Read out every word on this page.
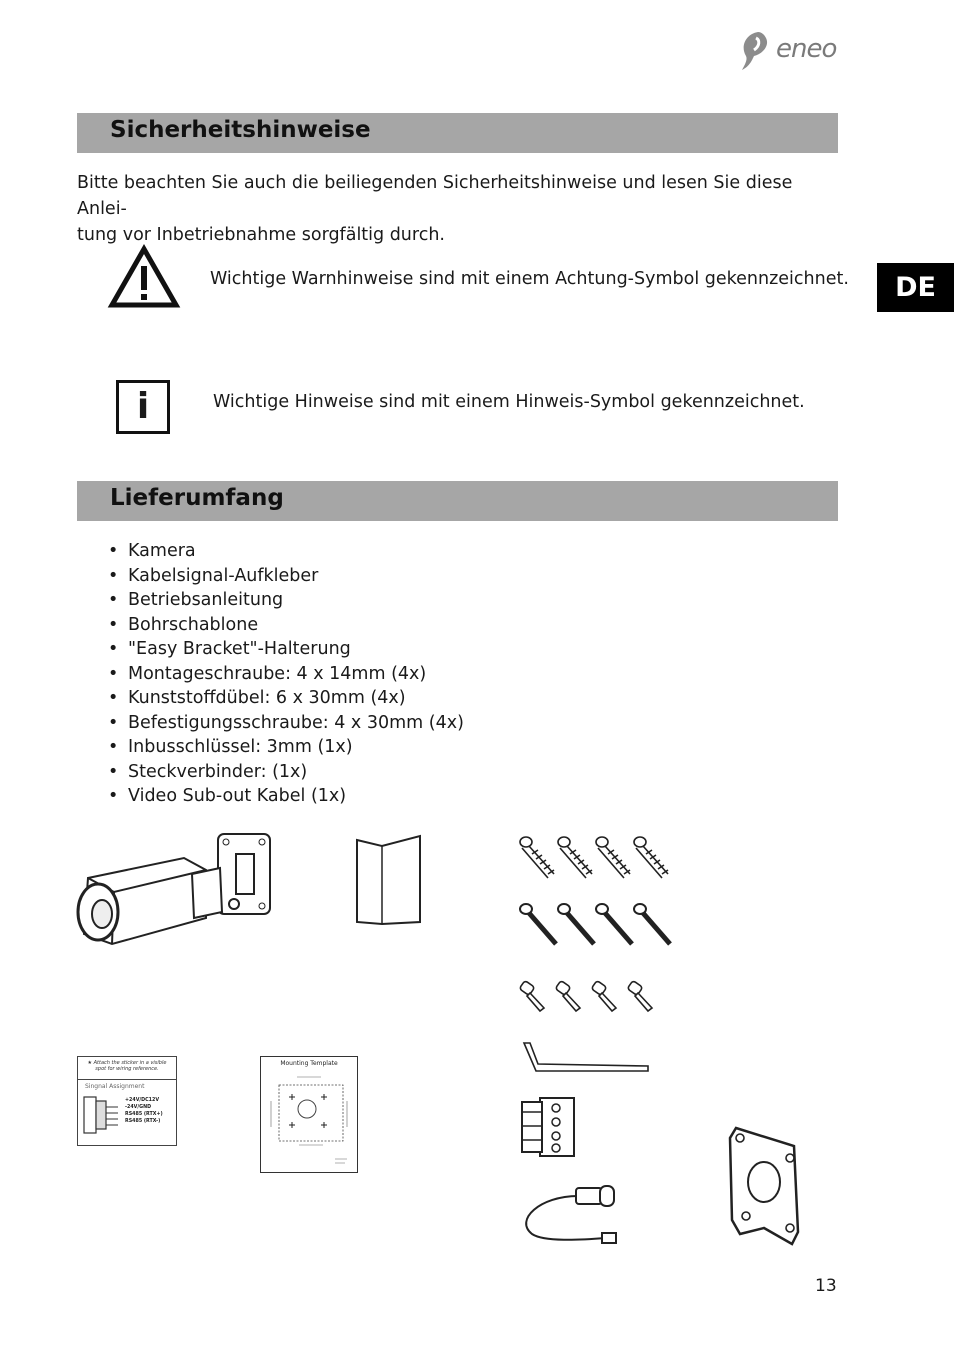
eneo
Sicherheitshinweise
Bitte beachten Sie auch die beiliegenden Sicherheitshinweise und lesen Sie diese Anlei-
tung vor Inbetriebnahme sorgfältig durch.
DE
Wichtige Warnhinweise sind mit einem Achtung-Symbol gekennzeichnet.
i	Wichtige Hinweise sind mit einem Hinweis-Symbol gekennzeichnet.
Lieferumfang
• Kamera
• Kabelsignal-Aufkleber
• Betriebsanleitung
• Bohrschablone
• "Easy Bracket"-Halterung
• Montageschraube: 4 x 14mm (4x)
• Kunststoffdübel: 6 x 30mm (4x)
• Befestigungsschraube: 4 x 30mm (4x)
• Inbusschlüssel: 3mm (1x)
• Steckverbinder: (1x)
• Video Sub-out Kabel (1x)
★ Attach the sticker in a visible spot for wiring reference.
Singnal Assignment
+24V/DC12V
-24V/GND
RS485 (RTX+)
RS485 (RTX-)
Mounting Template
13
